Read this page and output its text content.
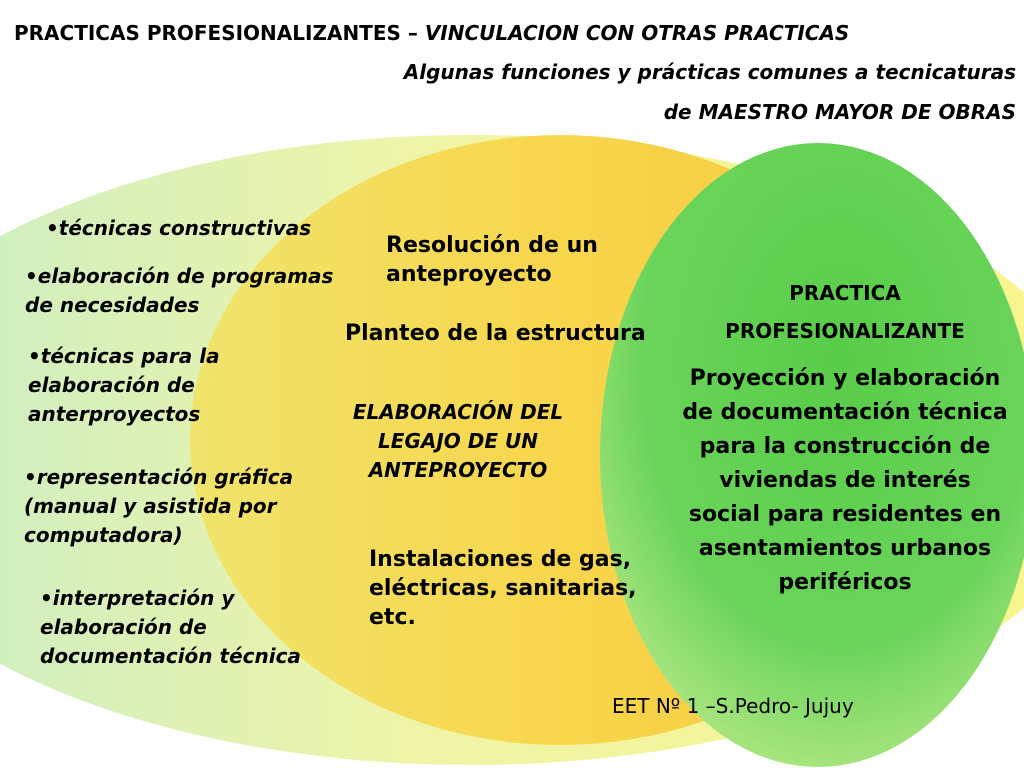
PRACTICAS PROFESIONALIZANTES – VINCULACION CON OTRAS PRACTICAS
Algunas funciones y prácticas comunes a tecnicaturas
de MAESTRO MAYOR DE OBRAS
• técnicas constructivas
• elaboración de programas de necesidades
• técnicas para la elaboración de anterproyectos
• representación gráfica (manual y asistida por computadora)
• interpretación y elaboración de documentación técnica
Resolución de un anteproyecto
Planteo de la estructura
ELABORACIÓN DEL LEGAJO DE UN ANTEPROYECTO
Instalaciones de gas, eléctricas, sanitarias, etc.
PRACTICA
PROFESIONALIZANTE
Proyección y elaboración de documentación técnica para la construcción de viviendas de interés social para residentes en asentamientos urbanos periféricos
EET Nº 1 –S.Pedro- Jujuy
